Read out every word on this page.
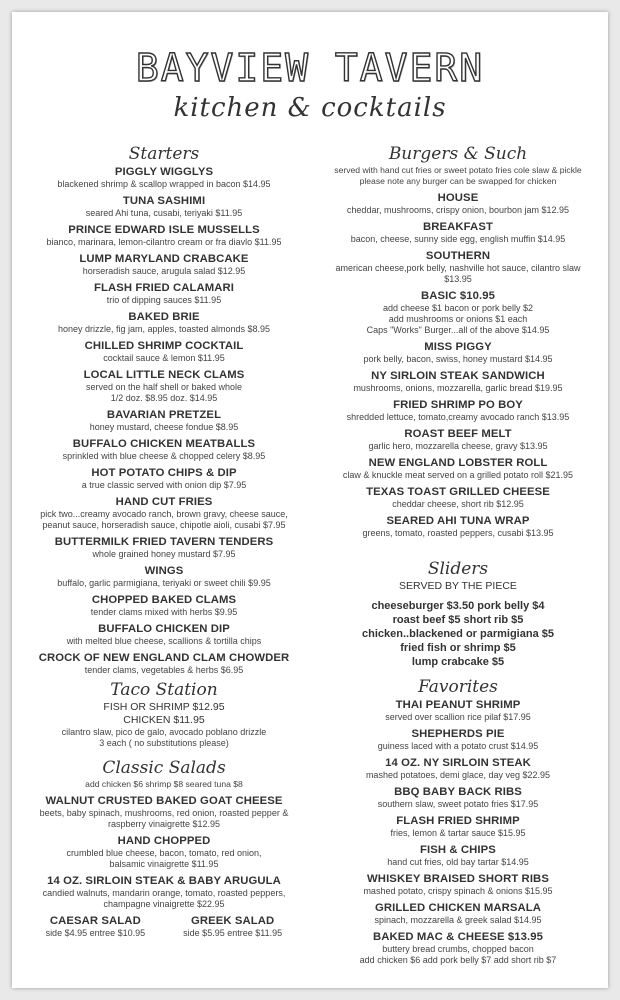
BAYVIEW TAVERN
kitchen & cocktails
Starters
PIGGLY WIGGLYS
blackened shrimp & scallop wrapped in bacon $14.95
TUNA SASHIMI
seared Ahi tuna, cusabi, teriyaki $11.95
PRINCE EDWARD ISLE MUSSELLS
bianco, marinara, lemon-cilantro cream or fra diavlo $11.95
LUMP MARYLAND CRABCAKE
horseradish sauce, arugula salad $12.95
FLASH FRIED CALAMARI
trio of dipping sauces $11.95
BAKED BRIE
honey drizzle, fig jam, apples, toasted almonds $8.95
CHILLED SHRIMP COCKTAIL
cocktail sauce & lemon $11.95
LOCAL LITTLE NECK CLAMS
served on the half shell or baked whole
1/2 doz. $8.95 doz. $14.95
BAVARIAN PRETZEL
honey mustard, cheese fondue $8.95
BUFFALO CHICKEN MEATBALLS
sprinkled with blue cheese & chopped celery $8.95
HOT POTATO CHIPS & DIP
a true classic served with onion dip $7.95
HAND CUT FRIES
pick two...creamy avocado ranch, brown gravy, cheese sauce,
peanut sauce, horseradish sauce, chipotle aioli, cusabi $7.95
BUTTERMILK FRIED TAVERN TENDERS
whole grained honey mustard $7.95
WINGS
buffalo, garlic parmigiana, teriyaki or sweet chili $9.95
CHOPPED BAKED CLAMS
tender clams mixed with herbs $9.95
BUFFALO CHICKEN DIP
with melted blue cheese, scallions & tortilla chips
CROCK OF NEW ENGLAND CLAM CHOWDER
tender clams, vegetables & herbs $6.95
Taco Station
FISH OR SHRIMP $12.95
CHICKEN $11.95
cilantro slaw, pico de galo, avocado poblano drizzle
3 each ( no substitutions please)
Classic Salads
add chicken $6 shrimp $8 seared tuna $8
WALNUT CRUSTED BAKED GOAT CHEESE
beets, baby spinach, mushrooms, red onion, roasted pepper &
raspberry vinaigrette $12.95
HAND CHOPPED
crumbled blue cheese, bacon, tomato, red onion,
balsamic vinaigrette $11.95
14 OZ. SIRLOIN STEAK & BABY ARUGULA
candied walnuts, mandarin orange, tomato, roasted peppers,
champagne vinaigrette $22.95
CAESAR SALAD
side $4.95 entree $10.95
GREEK SALAD
side $5.95 entree $11.95
Burgers & Such
served with hand cut fries or sweet potato fries cole slaw & pickle
please note any burger can be swapped for chicken
HOUSE
cheddar, mushrooms, crispy onion, bourbon jam $12.95
BREAKFAST
bacon, cheese, sunny side egg, english muffin $14.95
SOUTHERN
american cheese,pork belly, nashville hot sauce, cilantro slaw
$13.95
BASIC $10.95
add cheese $1 bacon or pork belly $2
add mushrooms or onions $1 each
Caps "Works" Burger...all of the above $14.95
MISS PIGGY
pork belly, bacon, swiss, honey mustard $14.95
NY SIRLOIN STEAK SANDWICH
mushrooms, onions, mozzarella, garlic bread $19.95
FRIED SHRIMP PO BOY
shredded lettuce, tomato,creamy avocado ranch $13.95
ROAST BEEF MELT
garlic hero, mozzarella cheese, gravy $13.95
NEW ENGLAND LOBSTER ROLL
claw & knuckle meat served on a grilled potato roll $21.95
TEXAS TOAST GRILLED CHEESE
cheddar cheese, short rib $12.95
SEARED AHI TUNA WRAP
greens, tomato, roasted peppers, cusabi $13.95
Sliders
SERVED BY THE PIECE
cheeseburger $3.50 pork belly $4
roast beef $5 short rib $5
chicken..blackened or parmigiana $5
fried fish or shrimp $5
lump crabcake $5
Favorites
THAI PEANUT SHRIMP
served over scallion rice pilaf $17.95
SHEPHERDS PIE
guiness laced with a potato crust $14.95
14 OZ. NY SIRLOIN STEAK
mashed potatoes, demi glace, day veg $22.95
BBQ BABY BACK RIBS
southern slaw, sweet potato fries $17.95
FLASH FRIED SHRIMP
fries, lemon & tartar sauce $15.95
FISH & CHIPS
hand cut fries, old bay tartar $14.95
WHISKEY BRAISED SHORT RIBS
mashed potato, crispy spinach & onions $15.95
GRILLED CHICKEN MARSALA
spinach, mozzarella & greek salad $14.95
BAKED MAC & CHEESE $13.95
buttery bread crumbs, chopped bacon
add chicken $6 add pork belly $7 add short rib $7
